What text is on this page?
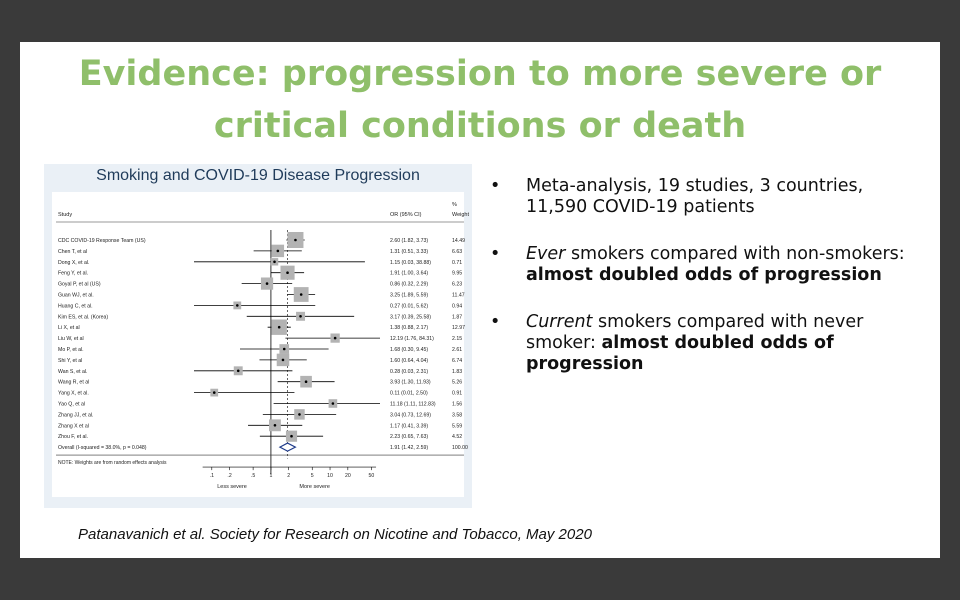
Evidence: progression to more severe or
critical conditions or death
Smoking and COVID-19 Disease Progression
Study	OR (95% CI)
%
Weight
CDC COVID-19 Response Team (US)	2.60 (1.82, 3.73)	14.49
Chen T, et al	1.31 (0.51, 3.33)	6.63
Dong X, et al.	1.15 (0.03, 38.88)	0.71
Feng Y, et al.	1.91 (1.00, 3.64)	9.95
Goyal P, et al (US)	0.86 (0.32, 2.29)	6.23
Guan WJ, et al.	3.25 (1.89, 5.59)	11.47
Huang C, et al.	0.27 (0.01, 5.62)	0.94
Kim ES, et al. (Korea)	3.17 (0.39, 25.58)	1.87
Li X, et al	1.38 (0.88, 2.17)	12.97
Liu W, et al	12.19 (1.76, 84.31)	2.15
Mo P, et al.	1.68 (0.30, 9.45)	2.61
Shi Y, et al	1.60 (0.64, 4.04)	6.74
Wan S, et al.	0.28 (0.03, 2.31)	1.83
Wang R, et al	3.93 (1.30, 11.93)	5.26
Yang X, et al.	0.11 (0.01, 2.50)	0.91
Yao Q, et al	11.18 (1.11, 112.83)	1.56
Zhang JJ, et al.	3.04 (0.73, 12.69)	3.58
Zhang X et al	1.17 (0.41, 3.39)	5.59
Zhou F, et al.	2.23 (0.65, 7.63)	4.52
Overall (I-squared = 38.0%, p = 0.048)	1.91 (1.42, 2.59)	100.00
NOTE: Weights are from random effects analysis
.1	.2	.5	1	2	5	10 20	50
Less severe	More severe
• Meta-analysis, 19 studies, 3 countries, 11,590 COVID-19 patients
• Ever smokers compared with non-smokers: almost doubled odds of progression
• Current smokers compared with never smoker: almost doubled odds of progression
Patanavanich et al. Society for Research on Nicotine and Tobacco, May 2020
